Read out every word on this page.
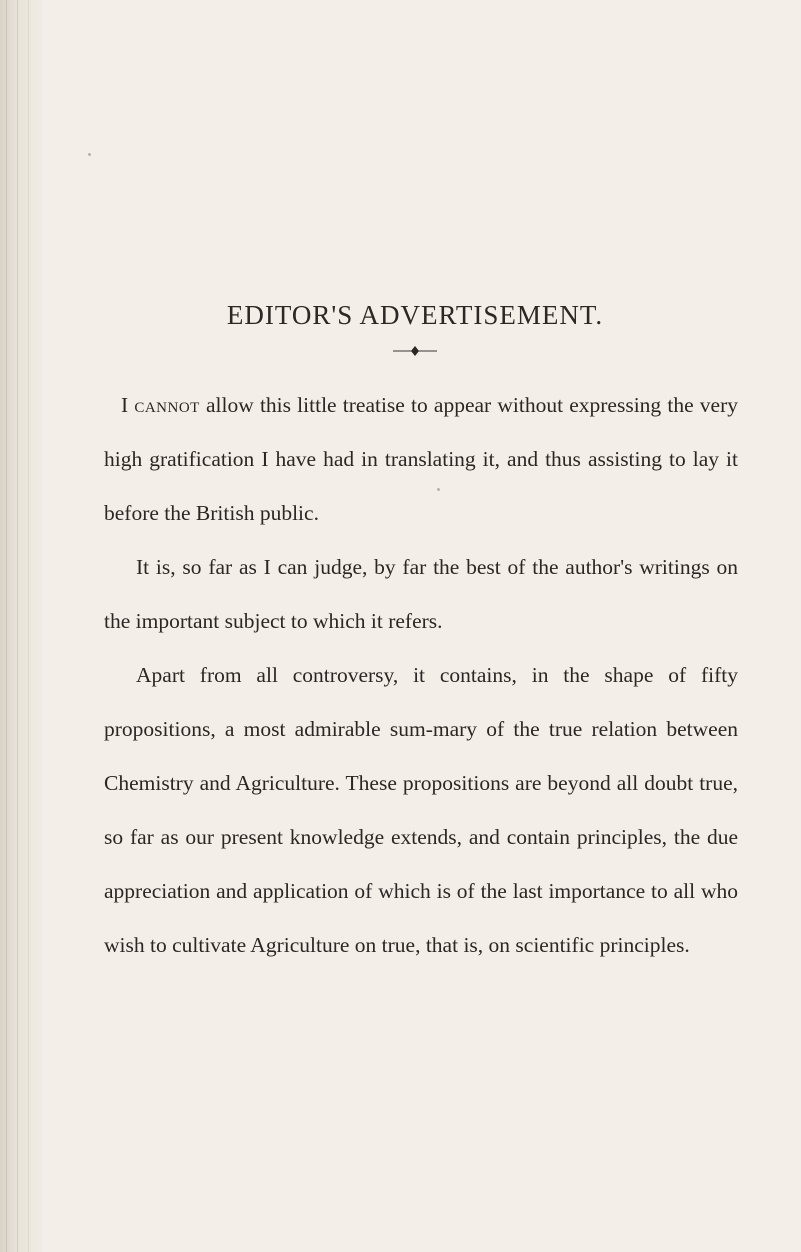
EDITOR'S ADVERTISEMENT.

I cannot allow this little treatise to appear without expressing the very high gratification I have had in translating it, and thus assisting to lay it before the British public.

It is, so far as I can judge, by far the best of the author's writings on the important subject to which it refers.

Apart from all controversy, it contains, in the shape of fifty propositions, a most admirable sum-mary of the true relation between Chemistry and Agriculture. These propositions are beyond all doubt true, so far as our present knowledge extends, and contain principles, the due appreciation and application of which is of the last importance to all who wish to cultivate Agriculture on true, that is, on scientific principles.
